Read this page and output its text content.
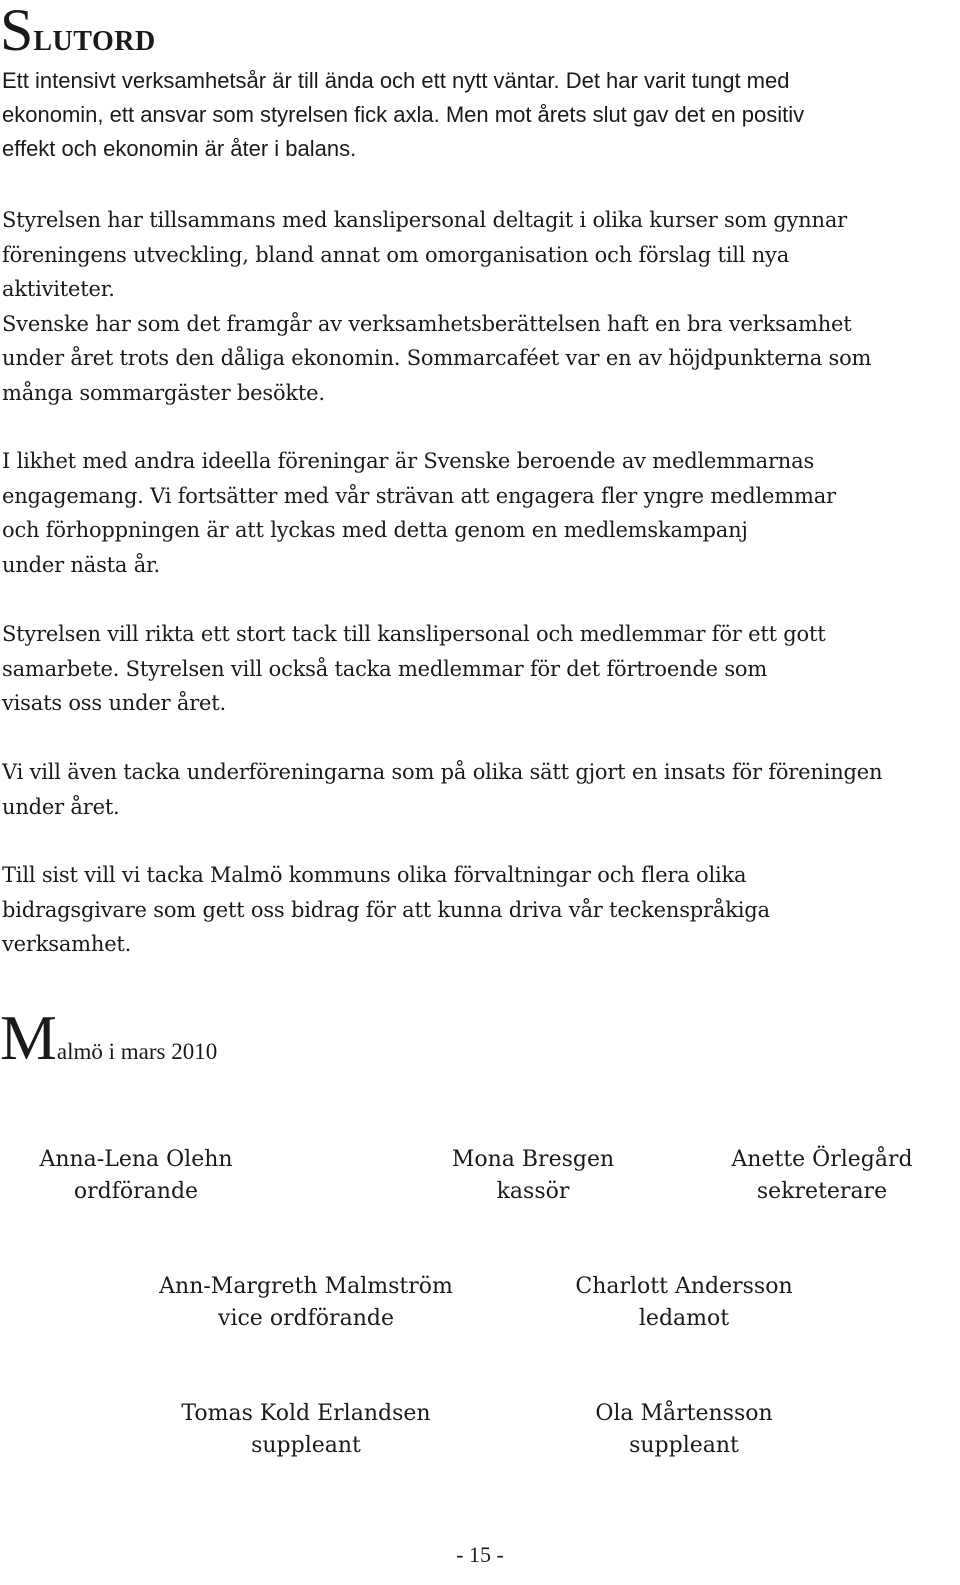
SLUTORD

Ett intensivt verksamhetsår är till ända och ett nytt väntar. Det har varit tungt med
ekonomin, ett ansvar som styrelsen fick axla. Men mot årets slut gav det en positiv
effekt och ekonomin är åter i balans.

Styrelsen har tillsammans med kanslipersonal deltagit i olika kurser som gynnar
föreningens utveckling, bland annat om omorganisation och förslag till nya
aktiviteter.
Svenske har som det framgår av verksamhetsberättelsen haft en bra verksamhet
under året trots den dåliga ekonomin. Sommarcaféet var en av höjdpunkterna som
många sommargäster besökte.

I likhet med andra ideella föreningar är Svenske beroende av medlemmarnas
engagemang. Vi fortsätter med vår strävan att engagera fler yngre medlemmar
och förhoppningen är att lyckas med detta genom en medlemskampanj
under nästa år.

Styrelsen vill rikta ett stort tack till kanslipersonal och medlemmar för ett gott
samarbete. Styrelsen vill också tacka medlemmar för det förtroende som
visats oss under året.

Vi vill även tacka underföreningarna som på olika sätt gjort en insats för föreningen
under året.

Till sist vill vi tacka Malmö kommuns olika förvaltningar och flera olika
bidragsgivare som gett oss bidrag för att kunna driva vår teckenspråkiga
verksamhet.

Malmö i mars 2010
Anna-Lena Olehn
ordförande
Mona Bresgen
kassör
Anette Örlegård
sekreterare
Ann-Margreth Malmström
vice ordförande
Charlott Andersson
ledamot
Tomas Kold Erlandsen
suppleant
Ola Mårtensson
suppleant
- 15 -
